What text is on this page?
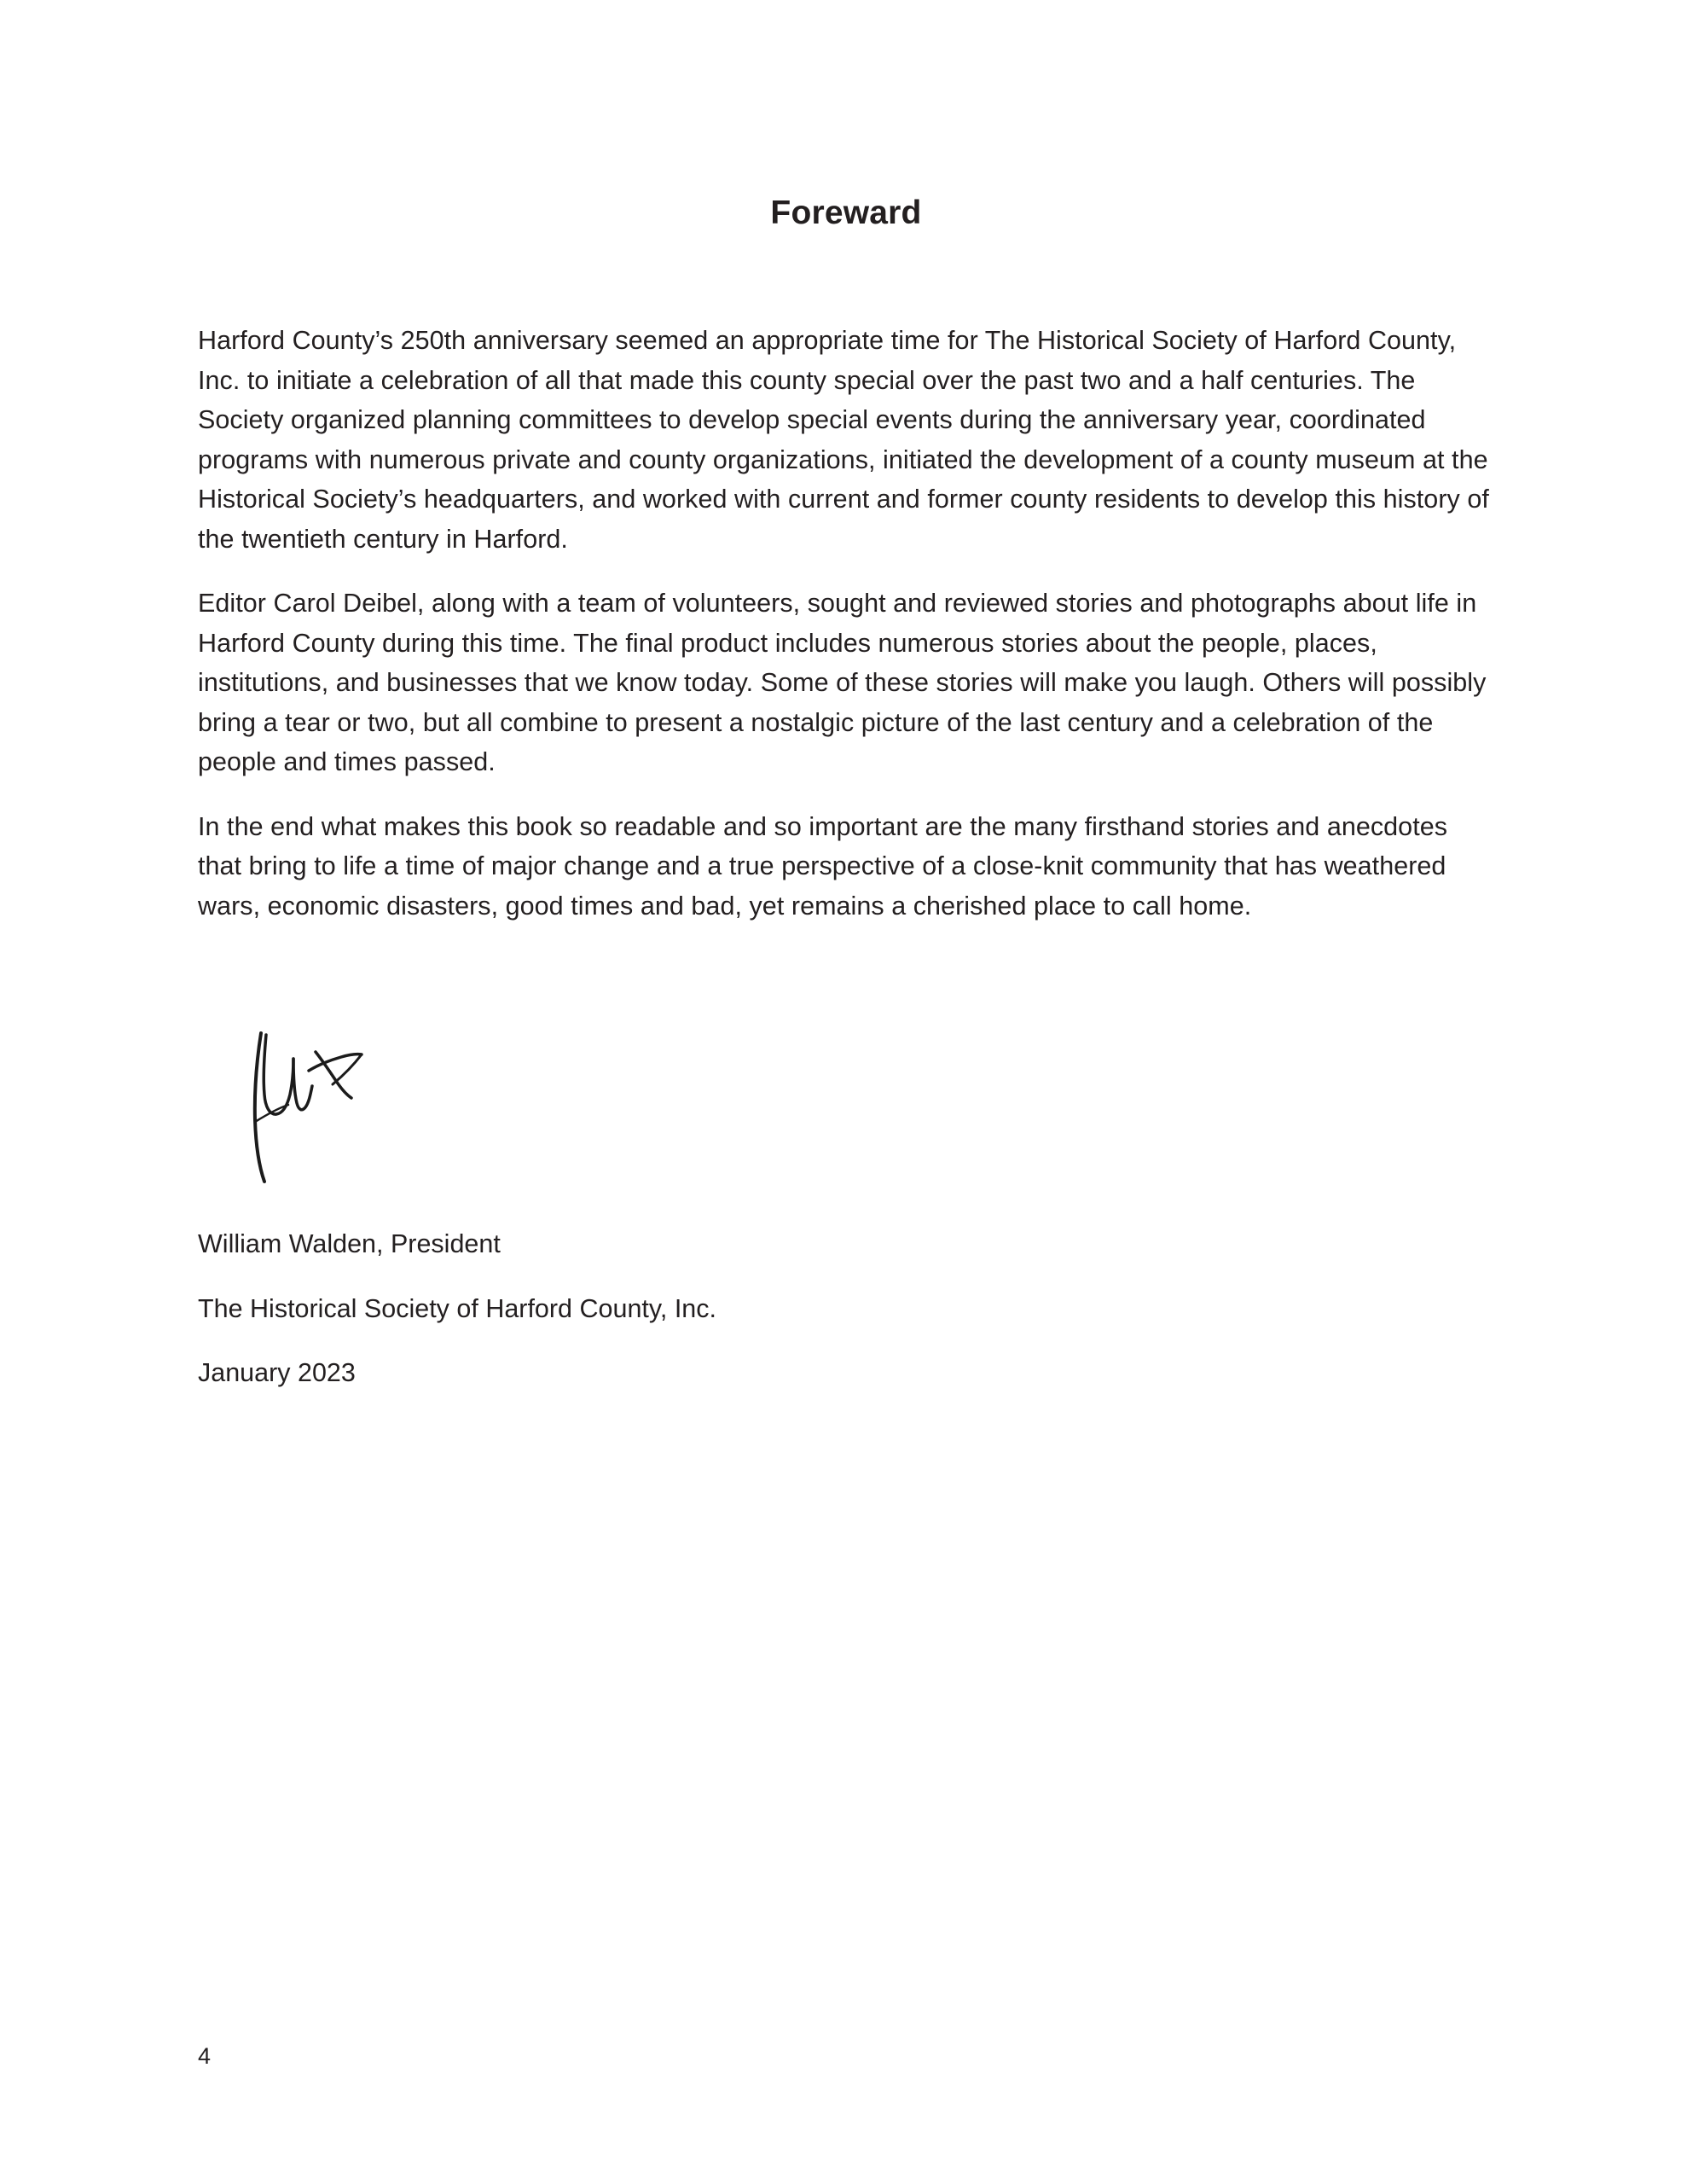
Foreward

Harford County’s 250th anniversary seemed an appropriate time for The Historical Society of Harford County, Inc. to initiate a celebration of all that made this county special over the past two and a half centuries. The Society organized planning committees to develop special events during the anniversary year, coordinated programs with numerous private and county organizations, initiated the development of a county museum at the Historical Society’s headquarters, and worked with current and former county residents to develop this history of the twentieth century in Harford.

Editor Carol Deibel, along with a team of volunteers, sought and reviewed stories and photographs about life in Harford County during this time. The final product includes numerous stories about the people, places, institutions, and businesses that we know today. Some of these stories will make you laugh. Others will possibly bring a tear or two, but all combine to present a nostalgic picture of the last century and a celebration of the people and times passed.

In the end what makes this book so readable and so important are the many firsthand stories and anecdotes that bring to life a time of major change and a true perspective of a close-knit community that has weathered wars, economic disasters, good times and bad, yet remains a cherished place to call home.

William Walden, President

The Historical Society of Harford County, Inc.

January 2023

4
